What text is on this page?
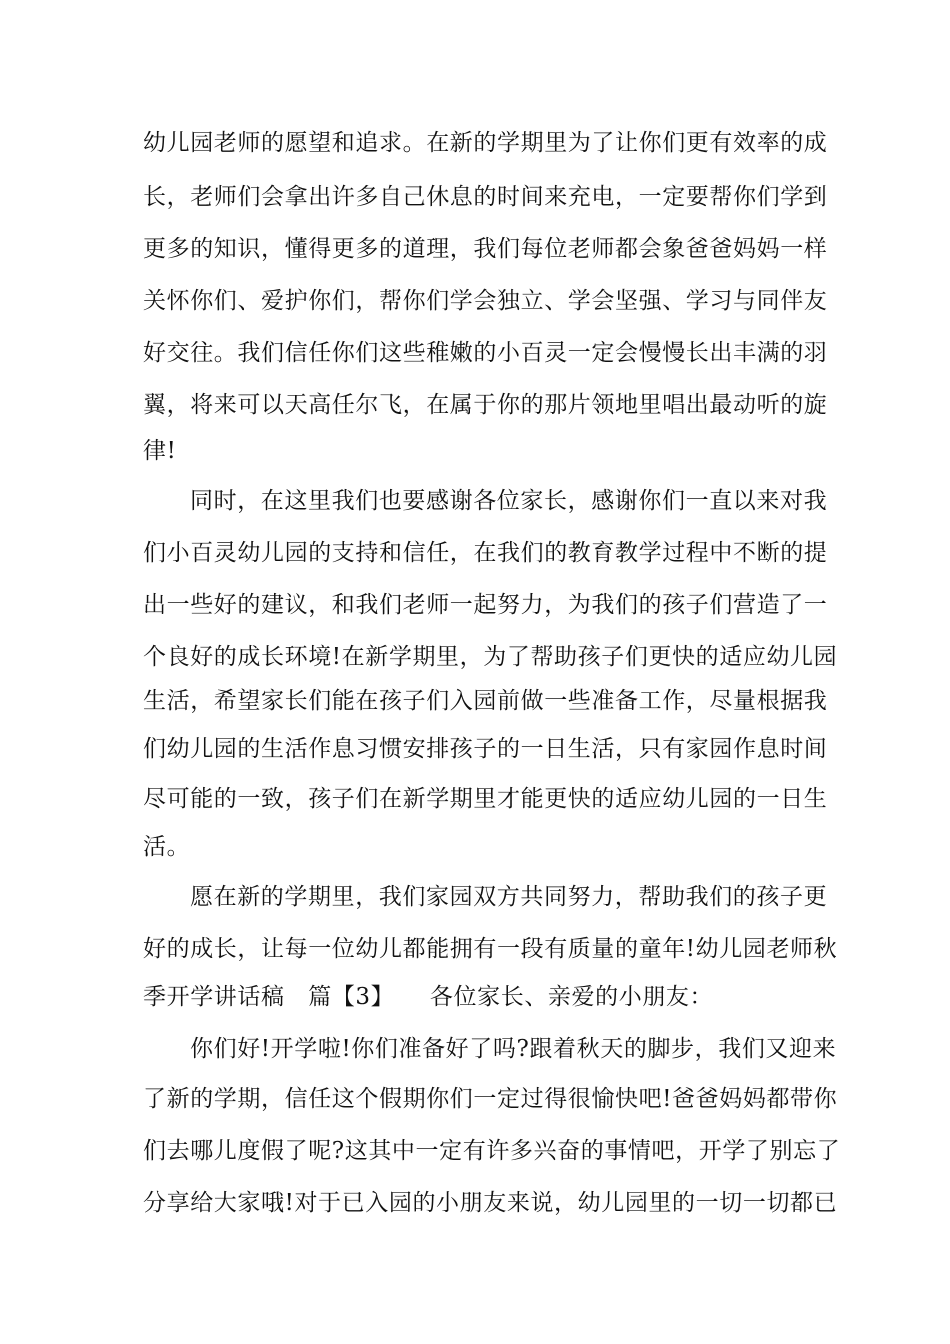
幼儿园老师的愿望和追求。在新的学期里为了让你们更有效率的成
长，老师们会拿出许多自己休息的时间来充电，一定要帮你们学到
更多的知识，懂得更多的道理，我们每位老师都会象爸爸妈妈一样
关怀你们、爱护你们，帮你们学会独立、学会坚强、学习与同伴友
好交往。我们信任你们这些稚嫩的小百灵一定会慢慢长出丰满的羽
翼，将来可以天高任尔飞，在属于你的那片领地里唱出最动听的旋
律!
同时，在这里我们也要感谢各位家长，感谢你们一直以来对我
们小百灵幼儿园的支持和信任，在我们的教育教学过程中不断的提
出一些好的建议，和我们老师一起努力，为我们的孩子们营造了一
个良好的成长环境!在新学期里，为了帮助孩子们更快的适应幼儿园
生活，希望家长们能在孩子们入园前做一些准备工作，尽量根据我
们幼儿园的生活作息习惯安排孩子的一日生活，只有家园作息时间
尽可能的一致，孩子们在新学期里才能更快的适应幼儿园的一日生
活。
愿在新的学期里，我们家园双方共同努力，帮助我们的孩子更
好的成长，让每一位幼儿都能拥有一段有质量的童年!幼儿园老师秋
季开学讲话稿　篇【3】　　各位家长、亲爱的小朋友：
你们好!开学啦!你们准备好了吗?跟着秋天的脚步，我们又迎来
了新的学期，信任这个假期你们一定过得很愉快吧!爸爸妈妈都带你
们去哪儿度假了呢?这其中一定有许多兴奋的事情吧，开学了别忘了
分享给大家哦!对于已入园的小朋友来说，幼儿园里的一切一切都已
